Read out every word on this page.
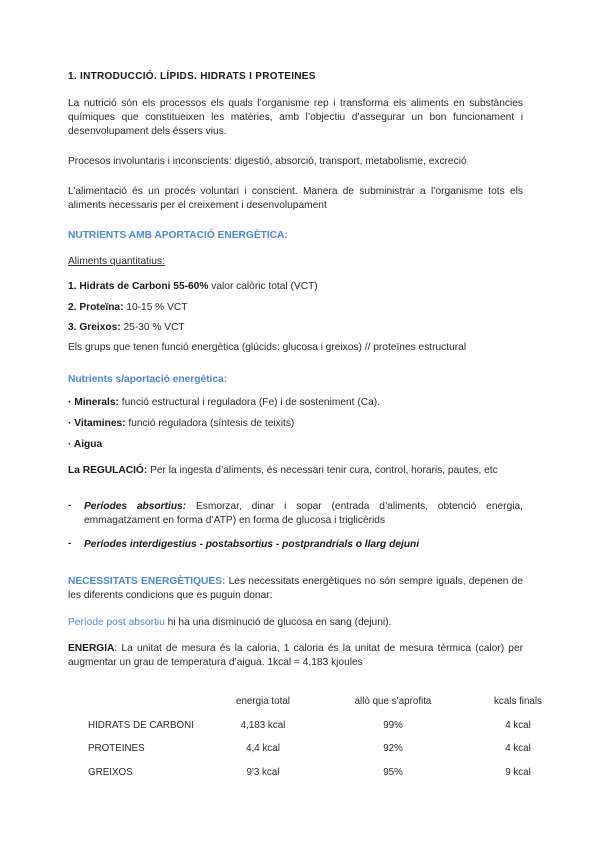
1. INTRODUCCIÓ. LÍPIDS. HIDRATS I PROTEINES
La nutrició són els processos els quals l’organisme rep i transforma els aliments en substàncies químiques que constitueixen les matèries, amb l’objectiu d’assegurar un bon funcionament i desenvolupament dels éssers vius.
Procesos involuntaris i inconscients: digestió, absorció, transport, metabolisme, excreció
L’alimentació és un procés voluntari i conscient. Manera de subministrar a l’organisme tots els aliments necessaris per el creixement i desenvolupament
NUTRIENTS AMB APORTACIÓ ENERGÈTICA:
Aliments quantitatius:
1. Hidrats de Carboni 55-60% valor calòric total (VCT)
2. Proteïna: 10-15 % VCT
3. Greixos: 25-30 % VCT
Els grups que tenen funció energètica (glúcids: glucosa i greixos) // proteïnes estructural
Nutrients s/aportació energètica:
· Minerals: funció estructural i reguladora (Fe) i de sosteniment (Ca).
· Vitamines: funció reguladora (síntesis de teixits)
· Aigua
La REGULACIÓ: Per la ingesta d’aliments, és necessari tenir cura, control, horaris, pautes, etc
- Períodes absortius: Esmorzar, dinar i sopar (entrada d’aliments, obtenció energia, emmagatzament en forma d’ATP) en forma de glucosa i triglicèrids
- Períodes interdigestius - postabsortius - postprandrials o llarg dejuni
NECESSITATS ENERGÈTIQUES: Les necessitats energètiques no són sempre iguals, depenen de les diferents condicions que es puguin donar:
Període post absortiu hi ha una disminució de glucosa en sang (dejuni).
ENERGIA: La unitat de mesura és la caloria, 1 caloria és la unitat de mesura tèrmica (calor) per augmentar un grau de temperatura d’aigua. 1kcal = 4,183 kjoules
	energia total	allò que s’aprofita	kcals finals
HIDRATS DE CARBONI	4,183 kcal	99%	4 kcal
PROTEINES	4,4 kcal	92%	4 kcal
GREIXOS	9'3 kcal	95%	9 kcal
